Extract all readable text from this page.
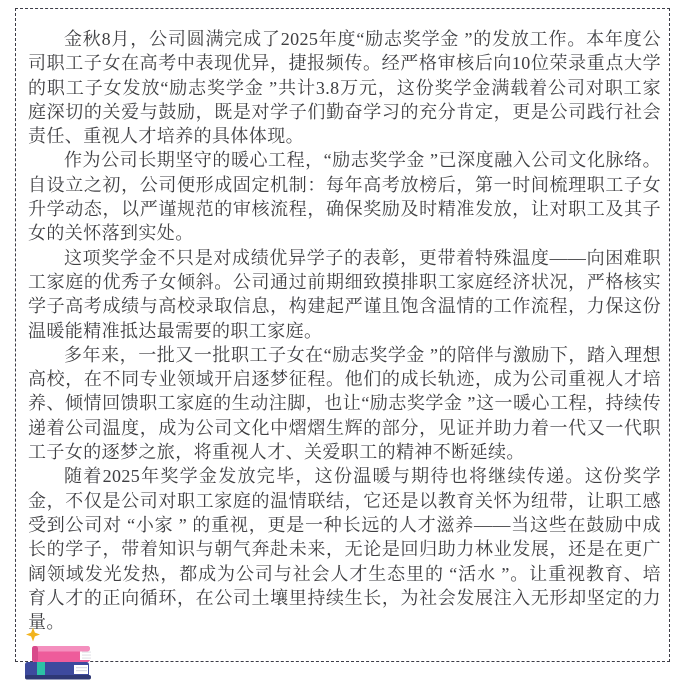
金秋8月，公司圆满完成了2025年度“励志奖学金 ”的发放工作。本年度公司职工子女在高考中表现优异，捷报频传。经严格审核后向10位荣录重点大学的职工子女发放“励志奖学金 ”共计3.8万元，这份奖学金满载着公司对职工家庭深切的关爱与鼓励，既是对学子们勤奋学习的充分肯定，更是公司践行社会责任、重视人才培养的具体体现。

作为公司长期坚守的暖心工程，“励志奖学金 ”已深度融入公司文化脉络。自设立之初，公司便形成固定机制：每年高考放榜后，第一时间梳理职工子女升学动态，以严谨规范的审核流程，确保奖励及时精准发放，让对职工及其子女的关怀落到实处。

这项奖学金不只是对成绩优异学子的表彰，更带着特殊温度——向困难职工家庭的优秀子女倾斜。公司通过前期细致摸排职工家庭经济状况，严格核实学子高考成绩与高校录取信息，构建起严谨且饱含温情的工作流程，力保这份温暖能精准抵达最需要的职工家庭。

多年来，一批又一批职工子女在“励志奖学金 ”的陪伴与激励下，踏入理想高校，在不同专业领域开启逐梦征程。他们的成长轨迹，成为公司重视人才培养、倾情回馈职工家庭的生动注脚，也让“励志奖学金 ”这一暖心工程，持续传递着公司温度，成为公司文化中熠熠生辉的部分，见证并助力着一代又一代职工子女的逐梦之旅，将重视人才、关爱职工的精神不断延续。

随着2025年奖学金发放完毕，这份温暖与期待也将继续传递。这份奖学金，不仅是公司对职工家庭的温情联结，它还是以教育关怀为纽带，让职工感受到公司对 “小家 ” 的重视，更是一种长远的人才滋养——当这些在鼓励中成长的学子，带着知识与朝气奔赴未来，无论是回归助力林业发展，还是在更广阔领域发光发热，都成为公司与社会人才生态里的 “活水 ”。让重视教育、培育人才的正向循环，在公司土壤里持续生长，为社会发展注入无形却坚定的力量。
